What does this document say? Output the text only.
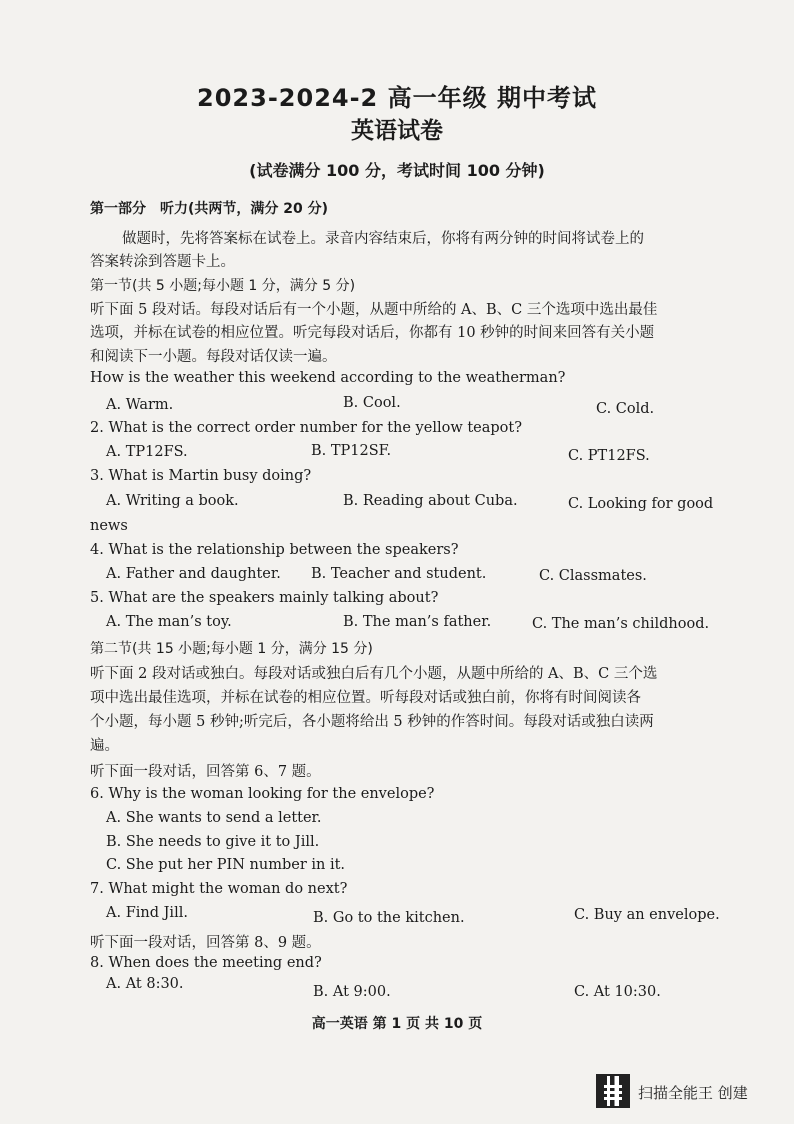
2023-2024-2 高一年级 期中考试
英语试卷
(试卷满分 100 分，考试时间 100 分钟)
第一部分　听力(共两节，满分 20 分)
做题时，先将答案标在试卷上。录音内容结束后，你将有两分钟的时间将试卷上的
答案转涂到答题卡上。
第一节(共 5 小题;每小题 1 分，满分 5 分)
听下面 5 段对话。每段对话后有一个小题，从题中所给的 A、B、C 三个选项中选出最佳
选项，并标在试卷的相应位置。听完每段对话后，你都有 10 秒钟的时间来回答有关小题
和阅读下一小题。每段对话仅读一遍。
How is the weather this weekend according to the weatherman?
A. Warm.	B. Cool.	C. Cold.
2. What is the correct order number for the yellow teapot?
A. TP12FS.	B. TP12SF.	C. PT12FS.
3. What is Martin busy doing?
A. Writing a book.	B. Reading about Cuba.	C. Looking for good
news
4. What is the relationship between the speakers?
A. Father and daughter. B. Teacher and student.	C. Classmates.
5. What are the speakers mainly talking about?
A. The man’s toy.	B. The man’s father.	C. The man’s childhood.
第二节(共 15 小题;每小题 1 分，满分 15 分)
听下面 2 段对话或独白。每段对话或独白后有几个小题，从题中所给的 A、B、C 三个选
项中选出最佳选项，并标在试卷的相应位置。听每段对话或独白前，你将有时间阅读各
个小题，每小题 5 秒钟;听完后，各小题将给出 5 秒钟的作答时间。每段对话或独白读两
遍。
听下面一段对话，回答第 6、7 题。
6. Why is the woman looking for the envelope?
A. She wants to send a letter.
B. She needs to give it to Jill.
C. She put her PIN number in it.
7. What might the woman do next?
A. Find Jill.	B. Go to the kitchen.	C. Buy an envelope.
听下面一段对话，回答第 8、9 题。
8. When does the meeting end?
A. At 8:30.	B. At 9:00.	C. At 10:30.
高一英语 第 1 页 共 10 页
扫描全能王 创建
